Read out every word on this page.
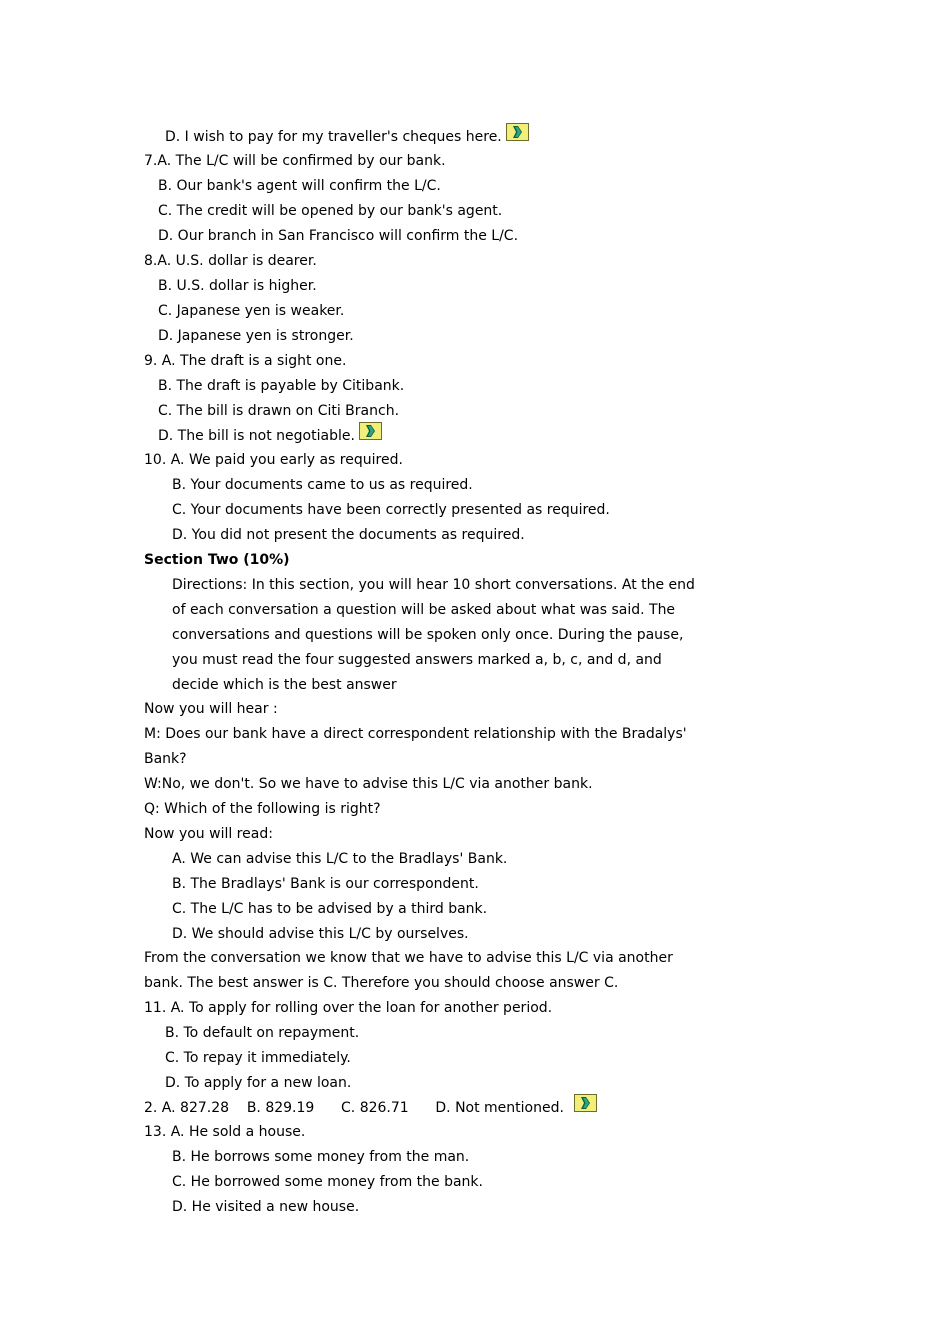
D. I wish to pay for my traveller's cheques here.
7.A. The L/C will be confirmed by our bank.
B. Our bank's agent will confirm the L/C.
C. The credit will be opened by our bank's agent.
D. Our branch in San Francisco will confirm the L/C.
8.A. U.S. dollar is dearer.
B. U.S. dollar is higher.
C. Japanese yen is weaker.
D. Japanese yen is stronger.
9. A. The draft is a sight one.
B. The draft is payable by Citibank.
C. The bill is drawn on Citi Branch.
D. The bill is not negotiable.
10. A. We paid you early as required.
B. Your documents came to us as required.
C. Your documents have been correctly presented as required.
D. You did not present the documents as required.
Section Two (10%)
Directions: In this section, you will hear 10 short conversations. At the end
of each conversation a question will be asked about what was said. The
conversations and questions will be spoken only once. During the pause,
you must read the four suggested answers marked a, b, c, and d, and
decide which is the best answer
Now you will hear :
M: Does our bank have a direct correspondent relationship with the Bradalys'
Bank?
W:No, we don't. So we have to advise this L/C via another bank.
Q: Which of the following is right?
Now you will read:
A. We can advise this L/C to the Bradlays' Bank.
B. The Bradlays' Bank is our correspondent.
C. The L/C has to be advised by a third bank.
D. We should advise this L/C by ourselves.
From the conversation we know that we have to advise this L/C via another
bank. The best answer is C. Therefore you should choose answer C.
11. A. To apply for rolling over the loan for another period.
B. To default on repayment.
C. To repay it immediately.
D. To apply for a new loan.
2. A. 827.28    B. 829.19      C. 826.71      D. Not mentioned.
13. A. He sold a house.
B. He borrows some money from the man.
C. He borrowed some money from the bank.
D. He visited a new house.
